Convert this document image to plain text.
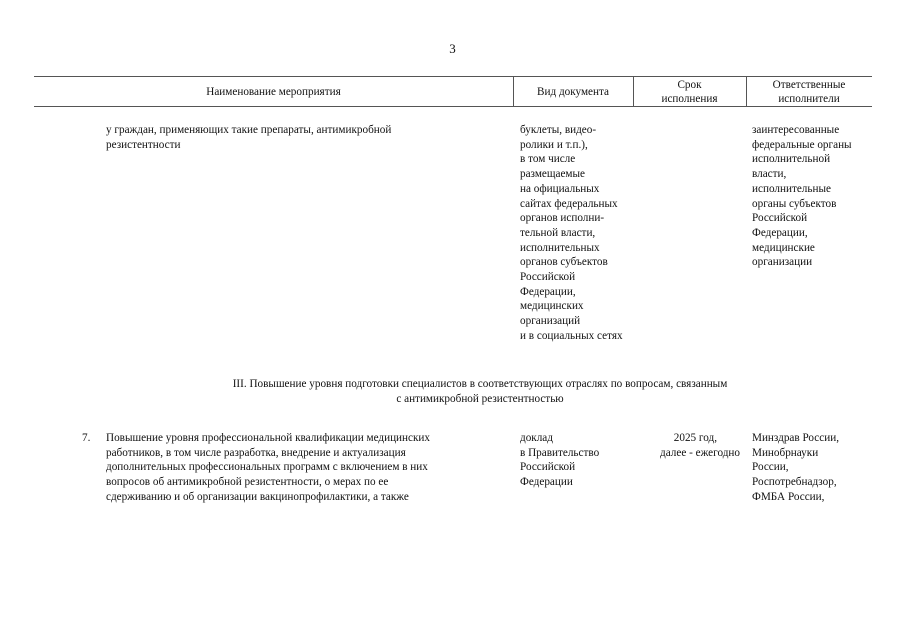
3
Наименование мероприятия	Вид документа
Срок
исполнения
Ответственные
исполнители
у граждан, применяющих такие препараты, антимикробной
резистентности
буклеты, видео-
ролики и т.п.),
в том числе
размещаемые
на официальных
сайтах федеральных
органов исполни-
тельной власти,
исполнительных
органов субъектов
Российской
Федерации,
медицинских
организаций
и в социальных сетях
заинтересованные
федеральные органы
исполнительной
власти,
исполнительные
органы субъектов
Российской
Федерации,
медицинские
организации
III. Повышение уровня подготовки специалистов в соответствующих отраслях по вопросам, связанным
с антимикробной резистентностью
7.	Повышение уровня профессиональной квалификации медицинских
работников, в том числе разработка, внедрение и актуализация
дополнительных профессиональных программ с включением в них
вопросов об антимикробной резистентности, о мерах по ее
сдерживанию и об организации вакцинопрофилактики, а также
доклад
в Правительство
Российской
Федерации
2025 год,
далее - ежегодно
Минздрав России,
Минобрнауки
России,
Роспотребнадзор,
ФМБА России,
